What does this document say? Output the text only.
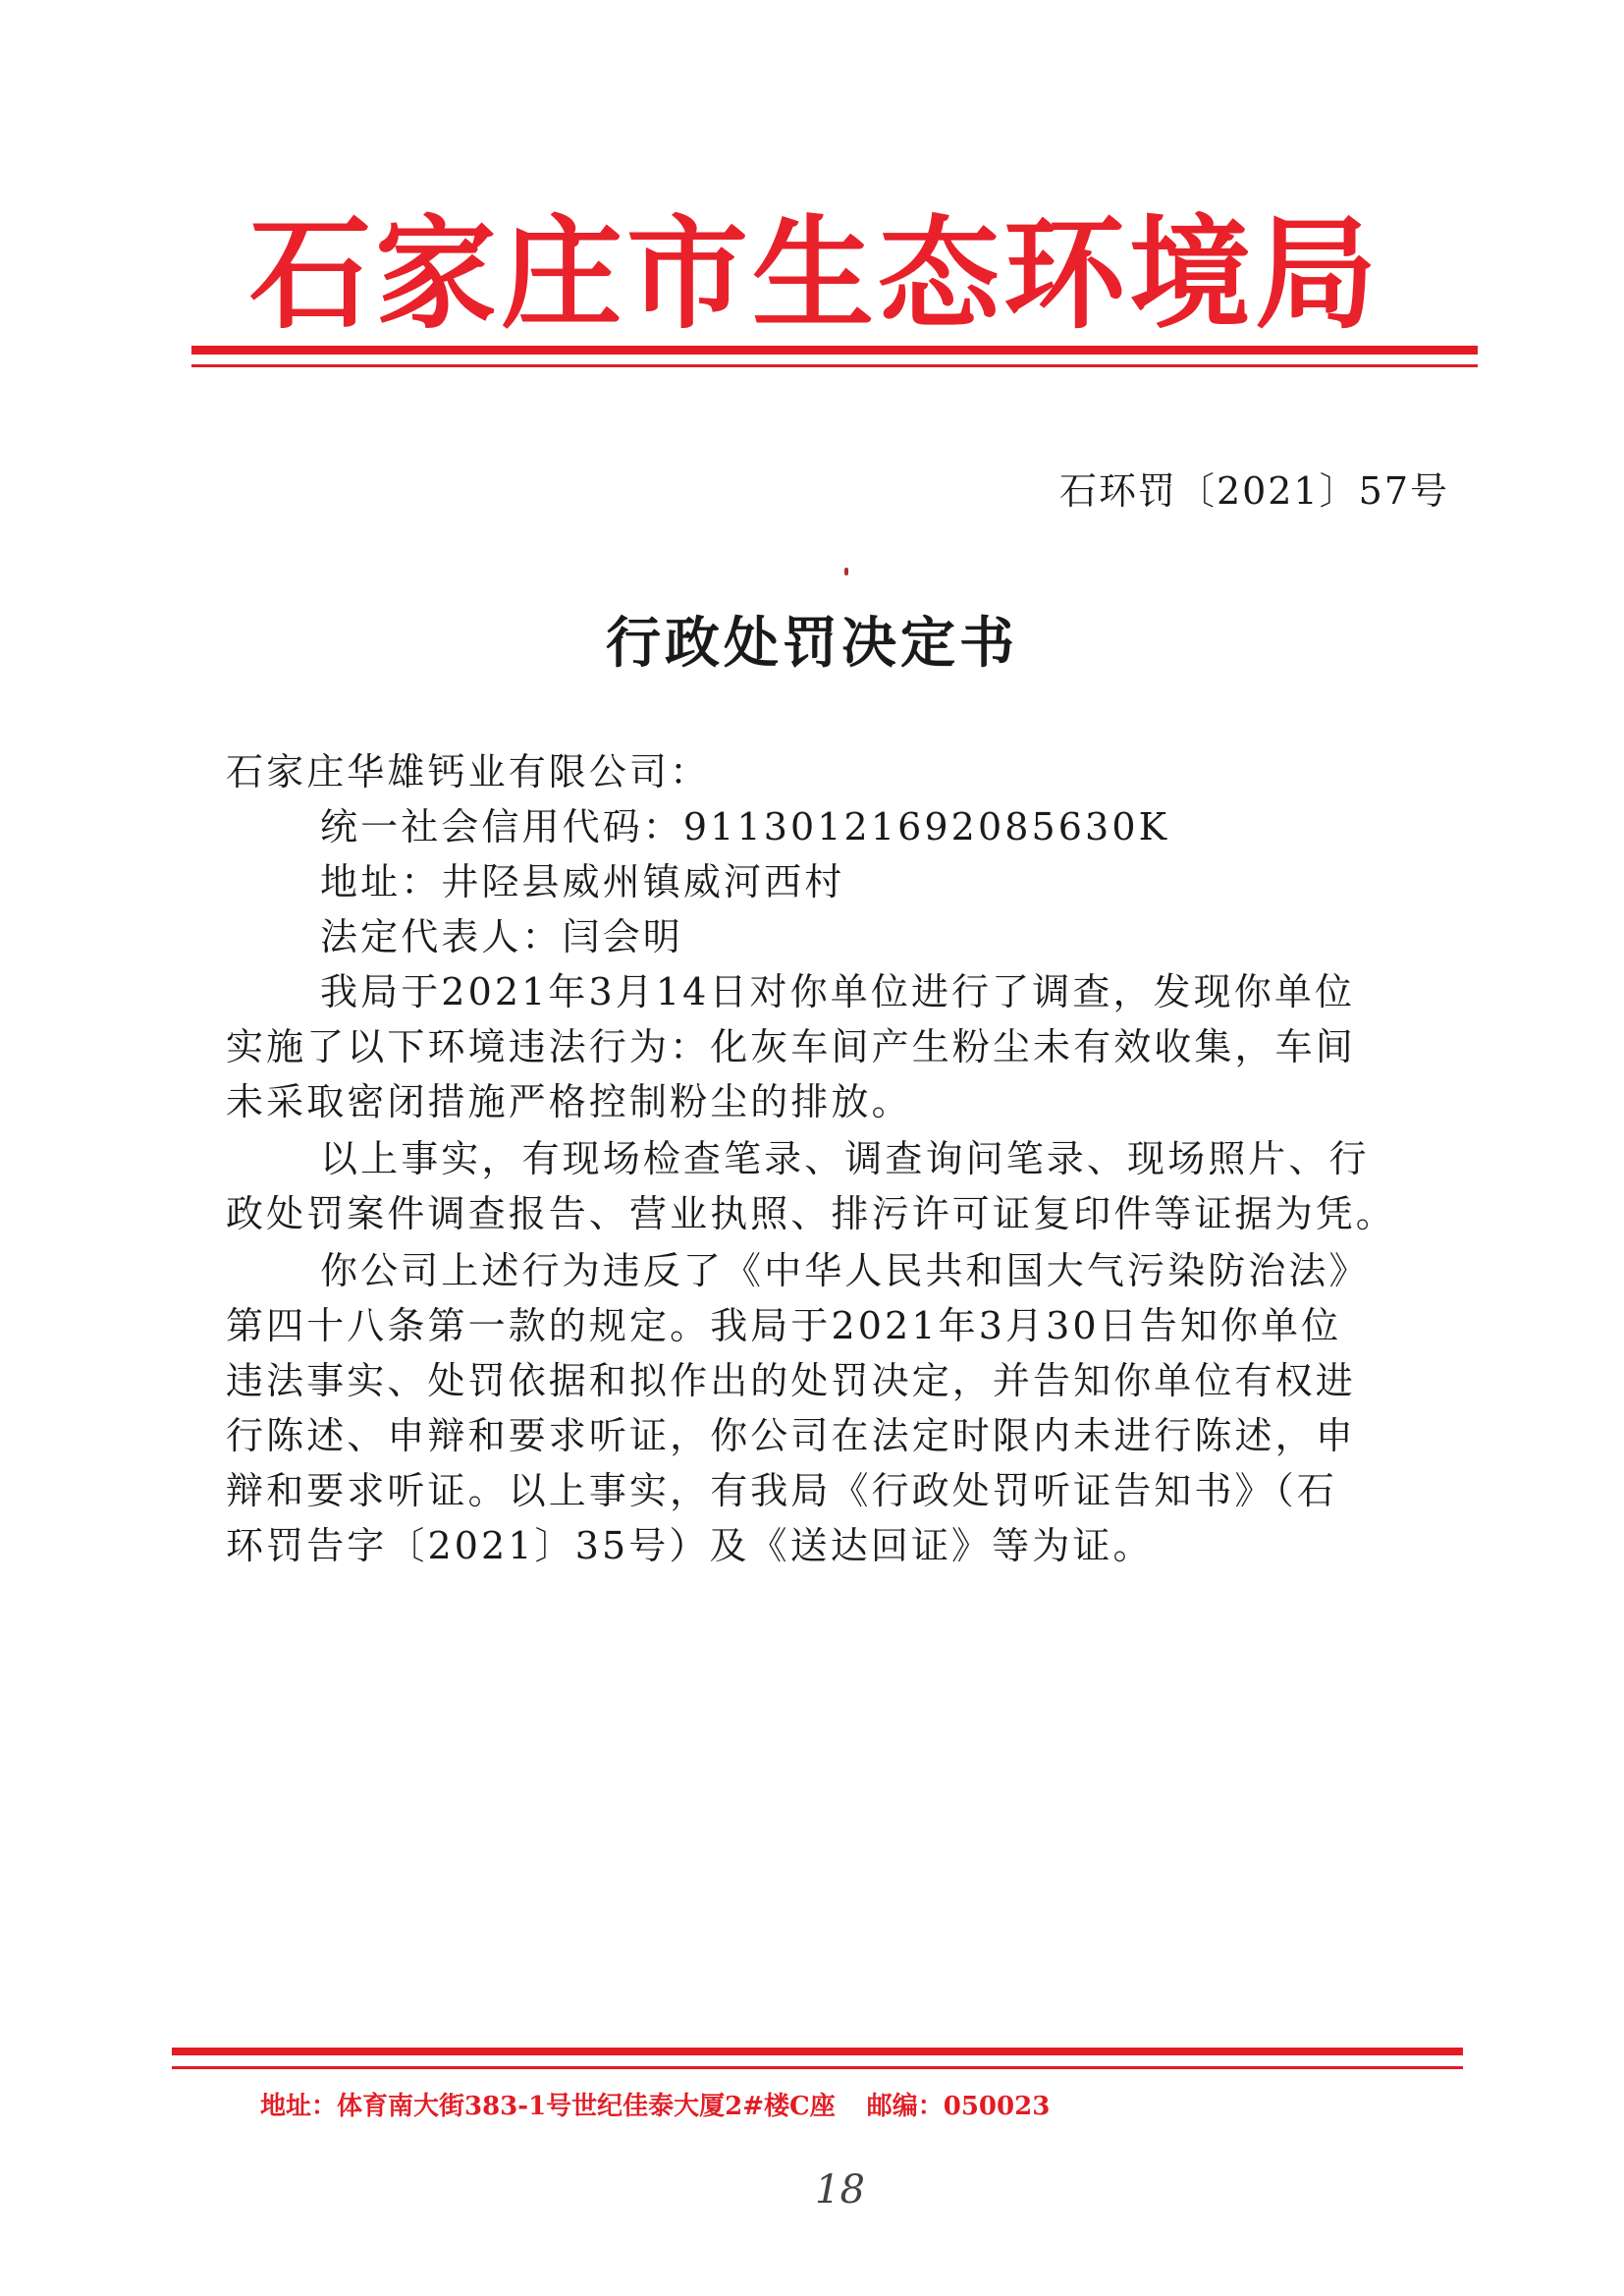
石家庄市生态环境局
石环罚〔2021〕57号
行政处罚决定书
石家庄华雄钙业有限公司：
统一社会信用代码：91130121692085630K
地址：井陉县威州镇威河西村
法定代表人：闫会明
我局于2021年3月14日对你单位进行了调查，发现你单位
实施了以下环境违法行为：化灰车间产生粉尘未有效收集，车间
未采取密闭措施严格控制粉尘的排放。
以上事实，有现场检查笔录、调查询问笔录、现场照片、行
政处罚案件调查报告、营业执照、排污许可证复印件等证据为凭。
你公司上述行为违反了《中华人民共和国大气污染防治法》
第四十八条第一款的规定。我局于2021年3月30日告知你单位
违法事实、处罚依据和拟作出的处罚决定，并告知你单位有权进
行陈述、申辩和要求听证，你公司在法定时限内未进行陈述，申
辩和要求听证。以上事实，有我局《行政处罚听证告知书》（石
环罚告字〔2021〕35号）及《送达回证》等为证。
地址：体育南大街383-1号世纪佳泰大厦2#楼C座 邮编：050023
18
